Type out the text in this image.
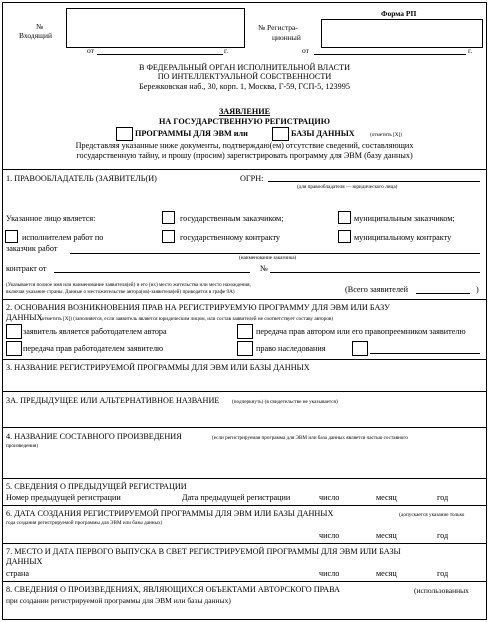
№
Входящий
№ Регистра-
ционный
Форма РП
от	г.	от	г.
В ФЕДЕРАЛЬНЫЙ ОРГАН ИСПОЛНИТЕЛЬНОЙ ВЛАСТИ
ПО ИНТЕЛЛЕКТУАЛЬНОЙ СОБСТВЕННОСТИ
Бережковская наб., 30, корп. 1, Москва, Г-59, ГСП-5, 123995
ЗАЯВЛЕНИЕ
НА ГОСУДАРСТВЕННУЮ РЕГИСТРАЦИЮ
ПРОГРАММЫ ДЛЯ ЭВМ или	БАЗЫ ДАННЫХ	(отметить [X])
Представляя указанные ниже документы, подтверждаю(ем) отсутствие сведений, составляющих
государственную тайну, и прошу (просим) зарегистрировать программу для ЭВМ (базу данных)
1. ПРАВООБЛАДАТЕЛЬ (ЗАЯВИТЕЛЬ(И)	ОГРН:
(для правообладателя — юридического лица)
Указанное лицо является:	государственным заказчиком;	муниципальным заказчиком;
исполнителем работ по	государственному контракту	муниципальному контракту
заказчик работ
(наименование заказчика)
контракт от	№
(Указывается полное имя или наименование заявителя(ей) и его (их) место жительства или место нахождения,
включая указание страны. Данные о местожительстве автора(ов)-заявителя(ей) приводятся в графе 9А)	(Всего заявителей	)
2. ОСНОВАНИЯ ВОЗНИКНОВЕНИЯ ПРАВ НА РЕГИСТРИРУЕМУЮ ПРОГРАММУ ДЛЯ ЭВМ ИЛИ БАЗУ
ДАННЫХ
(отметить [X]) (заполняется, если заявитель является юридическим лицом, или состав заявителей не соответствует составу авторов)
заявитель является работодателем автора	передача прав автором или его правопреемником заявителю
передача прав работодателем заявителю	право наследования
3. НАЗВАНИЕ РЕГИСТРИРУЕМОЙ ПРОГРАММЫ ДЛЯ ЭВМ ИЛИ БАЗЫ ДАННЫХ
3А. ПРЕДЫДУЩЕЕ ИЛИ АЛЬТЕРНАТИВНОЕ НАЗВАНИЕ (подчеркнуть) (в свидетельстве не указывается)
4. НАЗВАНИЕ СОСТАВНОГО ПРОИЗВЕДЕНИЯ	(если регистрируемая программа для ЭВМ или база данных является частью составного
произведения)
5. СВЕДЕНИЯ О ПРЕДЫДУЩЕЙ РЕГИСТРАЦИИ
Номер предыдущей регистрации	Дата предыдущей регистрации	число	месяц	год
6. ДАТА СОЗДАНИЯ РЕГИСТРИРУЕМОЙ ПРОГРАММЫ ДЛЯ ЭВМ ИЛИ БАЗЫ ДАННЫХ	(допускается указание только
года создания регистрируемой программы для ЭВМ или базы данных)
число	месяц	год
7. МЕСТО И ДАТА ПЕРВОГО ВЫПУСКА В СВЕТ РЕГИСТРИРУЕМОЙ ПРОГРАММЫ ДЛЯ ЭВМ ИЛИ БАЗЫ
ДАННЫХ
страна	число	месяц	год
8. СВЕДЕНИЯ О ПРОИЗВЕДЕНИЯХ, ЯВЛЯЮЩИХСЯ ОБЪЕКТАМИ АВТОРСКОГО ПРАВА	(использованных
при создании регистрируемой программы для ЭВМ или базы данных)
